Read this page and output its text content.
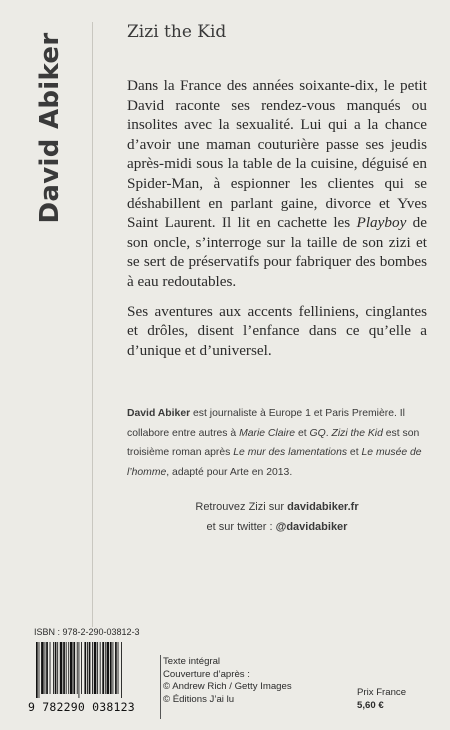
David Abiker
Zizi the Kid

Dans la France des années soixante-dix, le petit David raconte ses rendez-vous manqués ou insolites avec la sexualité. Lui qui a la chance d’avoir une maman couturière passe ses jeudis après-midi sous la table de la cuisine, déguisé en Spider-Man, à espionner les clientes qui se déshabillent en parlant gaine, divorce et Yves Saint Laurent. Il lit en cachette les Playboy de son oncle, s’interroge sur la taille de son zizi et se sert de préservatifs pour fabriquer des bombes à eau redoutables.

Ses aventures aux accents felliniens, cinglantes et drôles, disent l’enfance dans ce qu’elle a d’unique et d’universel.

David Abiker est journaliste à Europe 1 et Paris Première. Il collabore entre autres à Marie Claire et GQ. Zizi the Kid est son troisième roman après Le mur des lamentations et Le musée de l’homme, adapté pour Arte en 2013.
Retrouvez Zizi sur davidabiker.fr
et sur twitter : @davidabiker
ISBN : 978-2-290-03812-3
9 782290 038123
Texte intégral
Couverture d’après :
© Andrew Rich / Getty Images
© Éditions J’ai lu
Prix France
5,60 €
